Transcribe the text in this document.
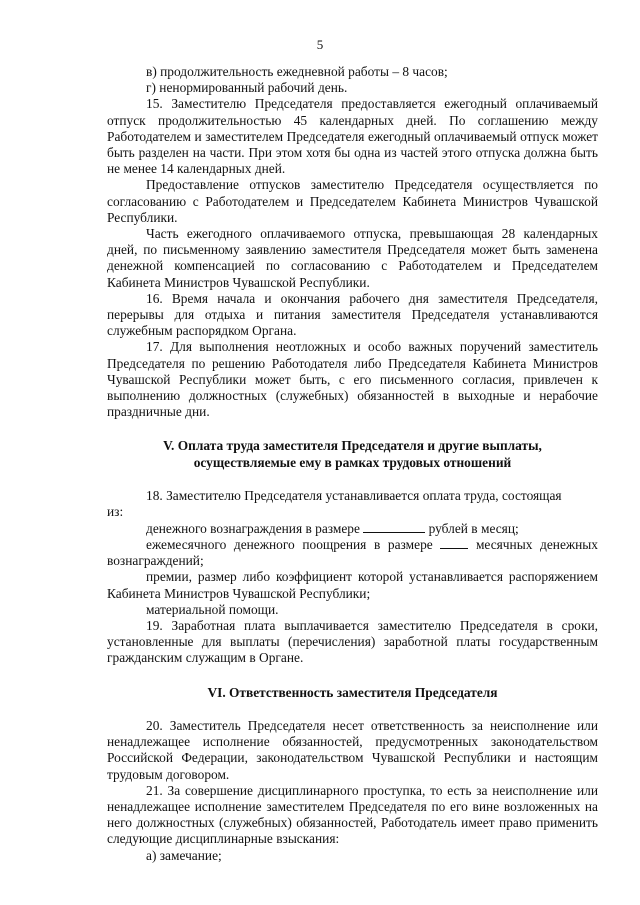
5

в) продолжительность ежедневной работы – 8 часов;

г) ненормированный рабочий день.

15. Заместителю Председателя предоставляется ежегодный оплачиваемый отпуск продолжительностью 45 календарных дней. По соглашению между Работодателем и заместителем Председателя ежегодный оплачиваемый отпуск может быть разделен на части. При этом хотя бы одна из частей этого отпуска должна быть не менее 14 календарных дней.

Предоставление отпусков заместителю Председателя осуществляется по согласованию с Работодателем и Председателем Кабинета Министров Чувашской Республики.

Часть ежегодного оплачиваемого отпуска, превышающая 28 календарных дней, по письменному заявлению заместителя Председателя может быть заменена денежной компенсацией по согласованию с Работодателем и Председателем Кабинета Министров Чувашской Республики.

16. Время начала и окончания рабочего дня заместителя Председателя, перерывы для отдыха и питания заместителя Председателя устанавливаются служебным распорядком Органа.

17. Для выполнения неотложных и особо важных поручений заместитель Председателя по решению Работодателя либо Председателя Кабинета Министров Чувашской Республики может быть, с его письменного согласия, привлечен к выполнению должностных (служебных) обязанностей в выходные и нерабочие праздничные дни.

V. Оплата труда заместителя Председателя и другие выплаты,
осуществляемые ему в рамках трудовых отношений

18. Заместителю Председателя устанавливается оплата труда, состоящая

из:

денежного вознаграждения в размере	рублей в месяц;

ежемесячного денежного поощрения в размере  месячных денежных вознаграждений;

премии, размер либо коэффициент которой устанавливается распоряжением Кабинета Министров Чувашской Республики;

материальной помощи.

19. Заработная плата выплачивается заместителю Председателя в сроки, установленные для выплаты (перечисления) заработной платы государственным гражданским служащим в Органе.

VI. Ответственность заместителя Председателя

20. Заместитель Председателя несет ответственность за неисполнение или ненадлежащее исполнение обязанностей, предусмотренных законодательством Российской Федерации, законодательством Чувашской Республики и настоящим трудовым договором.

21. За совершение дисциплинарного проступка, то есть за неисполнение или ненадлежащее исполнение заместителем Председателя по его вине возложенных на него должностных (служебных) обязанностей, Работодатель имеет право применить следующие дисциплинарные взыскания:

а) замечание;
